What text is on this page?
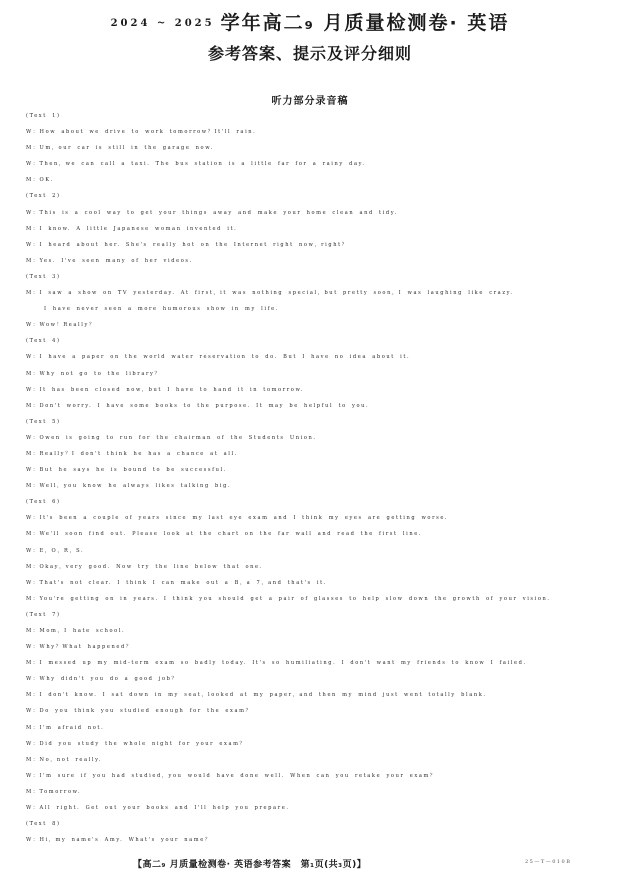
2024 ~ 2025 学年高二₉ 月质量检测卷· 英语
参考答案、提示及评分细则
听力部分录音稿
(Text 1)
W：How about we drive to work tomorrow？It'll rain.
M：Um，our car is still in the garage now.
W：Then，we can call a taxi. The bus station is a little far for a rainy day.
M：OK.
(Text 2)
W：This is a cool way to get your things away and make your home clean and tidy.
M：I know. A little Japanese woman invented it.
W：I heard about her. She's really hot on the Internet right now，right？
M：Yes. I've seen many of her videos.
(Text 3)
M：I saw a show on TV yesterday. At first，it was nothing special，but pretty soon，I was laughing like crazy.
I have never seen a more humorous show in my life.
W：Wow！Really？
(Text 4)
W：I have a paper on the world water reservation to do. But I have no idea about it.
M：Why not go to the library？
W：It has been closed now，but I have to hand it in tomorrow.
M：Don't worry. I have some books to the purpose. It may be helpful to you.
(Text 5)
W：Owen is going to run for the chairman of the Students Union.
M：Really？I don't think he has a chance at all.
W：But he says he is bound to be successful.
M：Well，you know he always likes talking big.
(Text 6)
W：It's been a couple of years since my last eye exam and I think my eyes are getting worse.
M：We'll soon find out. Please look at the chart on the far wall and read the first line.
W：E，O，R，S.
M：Okay，very good. Now try the line below that one.
W：That's not clear. I think I can make out a B，a 7，and that's it.
M：You're getting on in years. I think you should get a pair of glasses to help slow down the growth of your vision.
(Text 7)
M：Mom，I hate school.
W：Why？What happened？
M：I messed up my mid-term exam so badly today. It's so humiliating. I don't want my friends to know I failed.
W：Why didn't you do a good job？
M：I don't know. I sat down in my seat，looked at my paper，and then my mind just went totally blank.
W：Do you think you studied enough for the exam？
M：I'm afraid not.
W：Did you study the whole night for your exam？
M：No，not really.
W：I'm sure if you had studied，you would have done well. When can you retake your exam？
M：Tomorrow.
W：All right. Get out your books and I'll help you prepare.
(Text 8)
W：Hi，my name's Amy. What's your name？
【高二₉ 月质量检测卷· 英语参考答案　第₁页(共₃页)】	25—T—010B
